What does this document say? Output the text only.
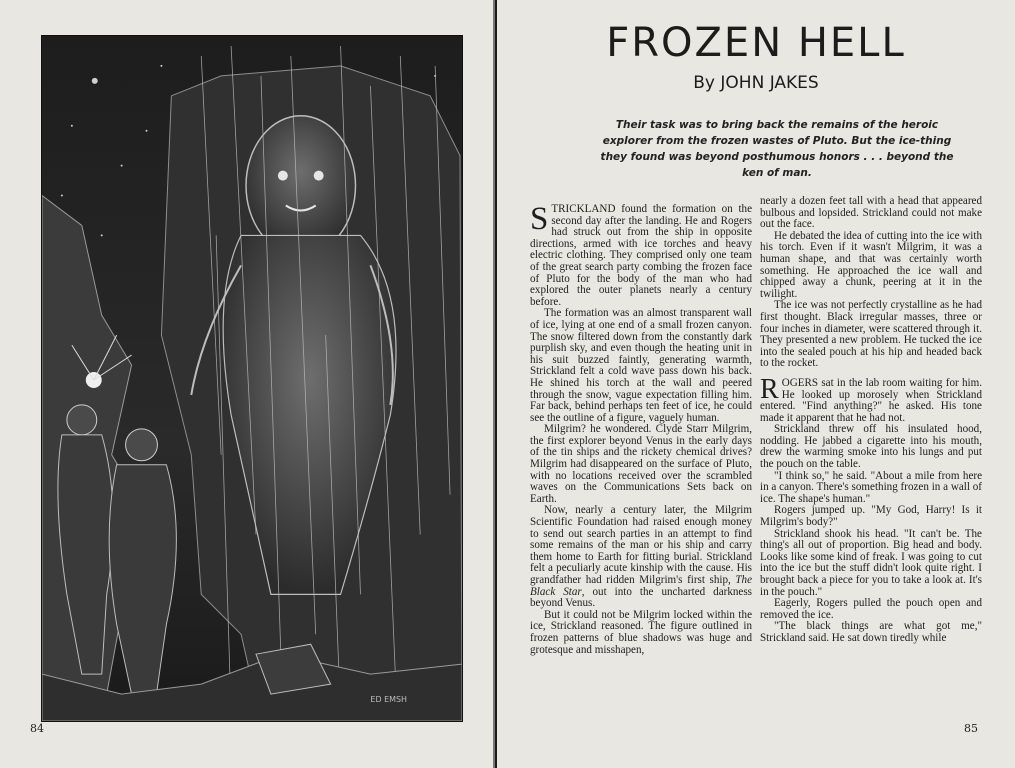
ED EMSH
84
FROZEN HELL
By JOHN JAKES
Their task was to bring back the remains of the heroic explorer from the frozen wastes of Pluto. But the ice-thing they found was beyond posthumous honors . . . beyond the ken of man.

STRICKLAND found the formation on the second day after the landing. He and Rogers had struck out from the ship in opposite directions, armed with ice torches and heavy electric clothing. They comprised only one team of the great search party combing the frozen face of Pluto for the body of the man who had explored the outer planets nearly a century before.

The formation was an almost transparent wall of ice, lying at one end of a small frozen canyon. The snow filtered down from the constantly dark purplish sky, and even though the heating unit in his suit buzzed faintly, generating warmth, Strickland felt a cold wave pass down his back. He shined his torch at the wall and peered through the snow, vague expectation filling him. Far back, behind perhaps ten feet of ice, he could see the outline of a figure, vaguely human.

Milgrim? he wondered. Clyde Starr Milgrim, the first explorer beyond Venus in the early days of the tin ships and the rickety chemical drives? Milgrim had disappeared on the surface of Pluto, with no locations received over the scrambled waves on the Communications Sets back on Earth.

Now, nearly a century later, the Milgrim Scientific Foundation had raised enough money to send out search parties in an attempt to find some remains of the man or his ship and carry them home to Earth for fitting burial. Strickland felt a peculiarly acute kinship with the cause. His grandfather had ridden Milgrim's first ship, The Black Star, out into the uncharted darkness beyond Venus.

But it could not be Milgrim locked within the ice, Strickland reasoned. The figure outlined in frozen patterns of blue shadows was huge and grotesque and misshapen,

nearly a dozen feet tall with a head that appeared bulbous and lopsided. Strickland could not make out the face.

He debated the idea of cutting into the ice with his torch. Even if it wasn't Milgrim, it was a human shape, and that was certainly worth something. He approached the ice wall and chipped away a chunk, peering at it in the twilight.

The ice was not perfectly crystalline as he had first thought. Black irregular masses, three or four inches in diameter, were scattered through it. They presented a new problem. He tucked the ice into the sealed pouch at his hip and headed back to the rocket.

ROGERS sat in the lab room waiting for him. He looked up morosely when Strickland entered. "Find anything?" he asked. His tone made it apparent that he had not.

Strickland threw off his insulated hood, nodding. He jabbed a cigarette into his mouth, drew the warming smoke into his lungs and put the pouch on the table.

"I think so," he said. "About a mile from here in a canyon. There's something frozen in a wall of ice. The shape's human."

Rogers jumped up. "My God, Harry! Is it Milgrim's body?"

Strickland shook his head. "It can't be. The thing's all out of proportion. Big head and body. Looks like some kind of freak. I was going to cut into the ice but the stuff didn't look quite right. I brought back a piece for you to take a look at. It's in the pouch."

Eagerly, Rogers pulled the pouch open and removed the ice.

"The black things are what got me," Strickland said. He sat down tiredly while

85
